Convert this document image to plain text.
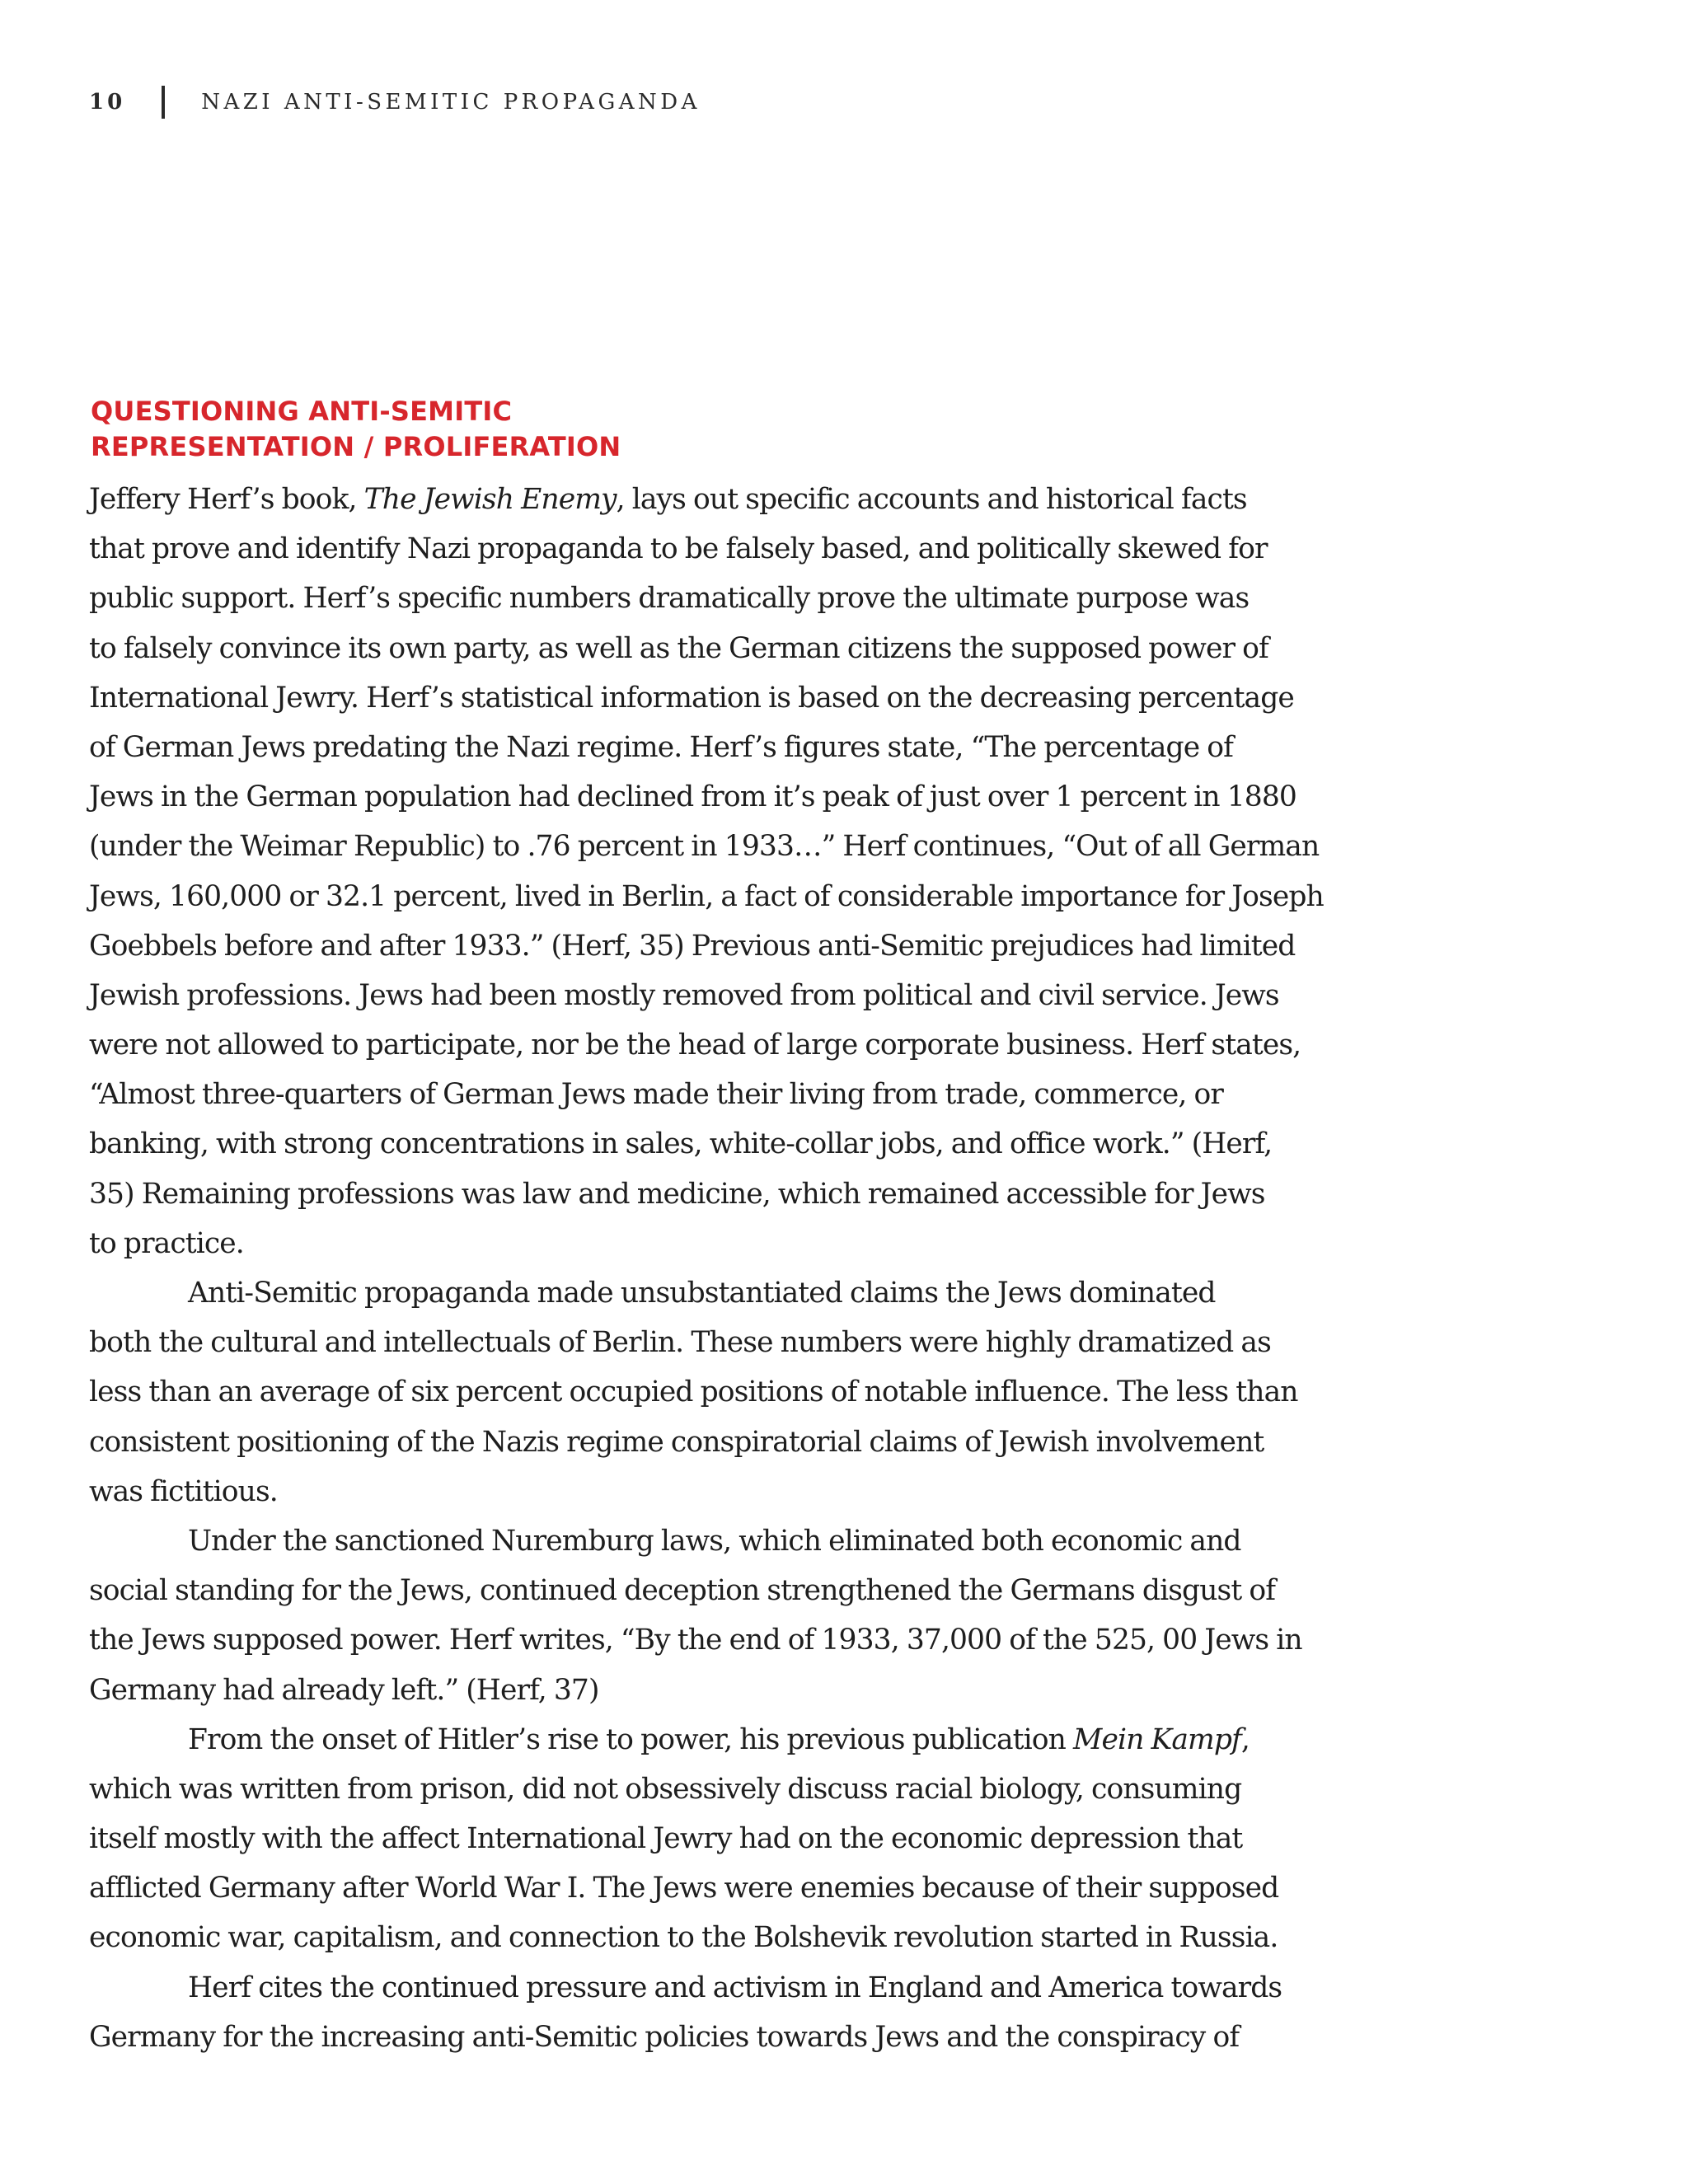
10	NAZI ANTI-SEMITIC PROPAGANDA
QUESTIONING ANTI-SEMITIC
REPRESENTATION / PROLIFERATION
Jeffery Herf’s book, The Jewish Enemy, lays out specific accounts and historical facts
that prove and identify Nazi propaganda to be falsely based, and politically skewed for
public support. Herf’s specific numbers dramatically prove the ultimate purpose was
to falsely convince its own party, as well as the German citizens the supposed power of
International Jewry. Herf’s statistical information is based on the decreasing percentage
of German Jews predating the Nazi regime. Herf’s figures state, “The percentage of
Jews in the German population had declined from it’s peak of just over 1 percent in 1880
(under the Weimar Republic) to .76 percent in 1933…” Herf continues, “Out of all German
Jews, 160,000 or 32.1 percent, lived in Berlin, a fact of considerable importance for Joseph
Goebbels before and after 1933.” (Herf, 35) Previous anti-Semitic prejudices had limited
Jewish professions. Jews had been mostly removed from political and civil service. Jews
were not allowed to participate, nor be the head of large corporate business. Herf states,
“Almost three-quarters of German Jews made their living from trade, commerce, or
banking, with strong concentrations in sales, white-collar jobs, and office work.” (Herf,
35) Remaining professions was law and medicine, which remained accessible for Jews
to practice.
Anti-Semitic propaganda made unsubstantiated claims the Jews dominated
both the cultural and intellectuals of Berlin. These numbers were highly dramatized as
less than an average of six percent occupied positions of notable influence. The less than
consistent positioning of the Nazis regime conspiratorial claims of Jewish involvement
was fictitious.
Under the sanctioned Nuremburg laws, which eliminated both economic and
social standing for the Jews, continued deception strengthened the Germans disgust of
the Jews supposed power. Herf writes, “By the end of 1933, 37,000 of the 525, 00 Jews in
Germany had already left.” (Herf, 37)
From the onset of Hitler’s rise to power, his previous publication Mein Kampf,
which was written from prison, did not obsessively discuss racial biology, consuming
itself mostly with the affect International Jewry had on the economic depression that
afflicted Germany after World War I. The Jews were enemies because of their supposed
economic war, capitalism, and connection to the Bolshevik revolution started in Russia.
Herf cites the continued pressure and activism in England and America towards
Germany for the increasing anti-Semitic policies towards Jews and the conspiracy of
